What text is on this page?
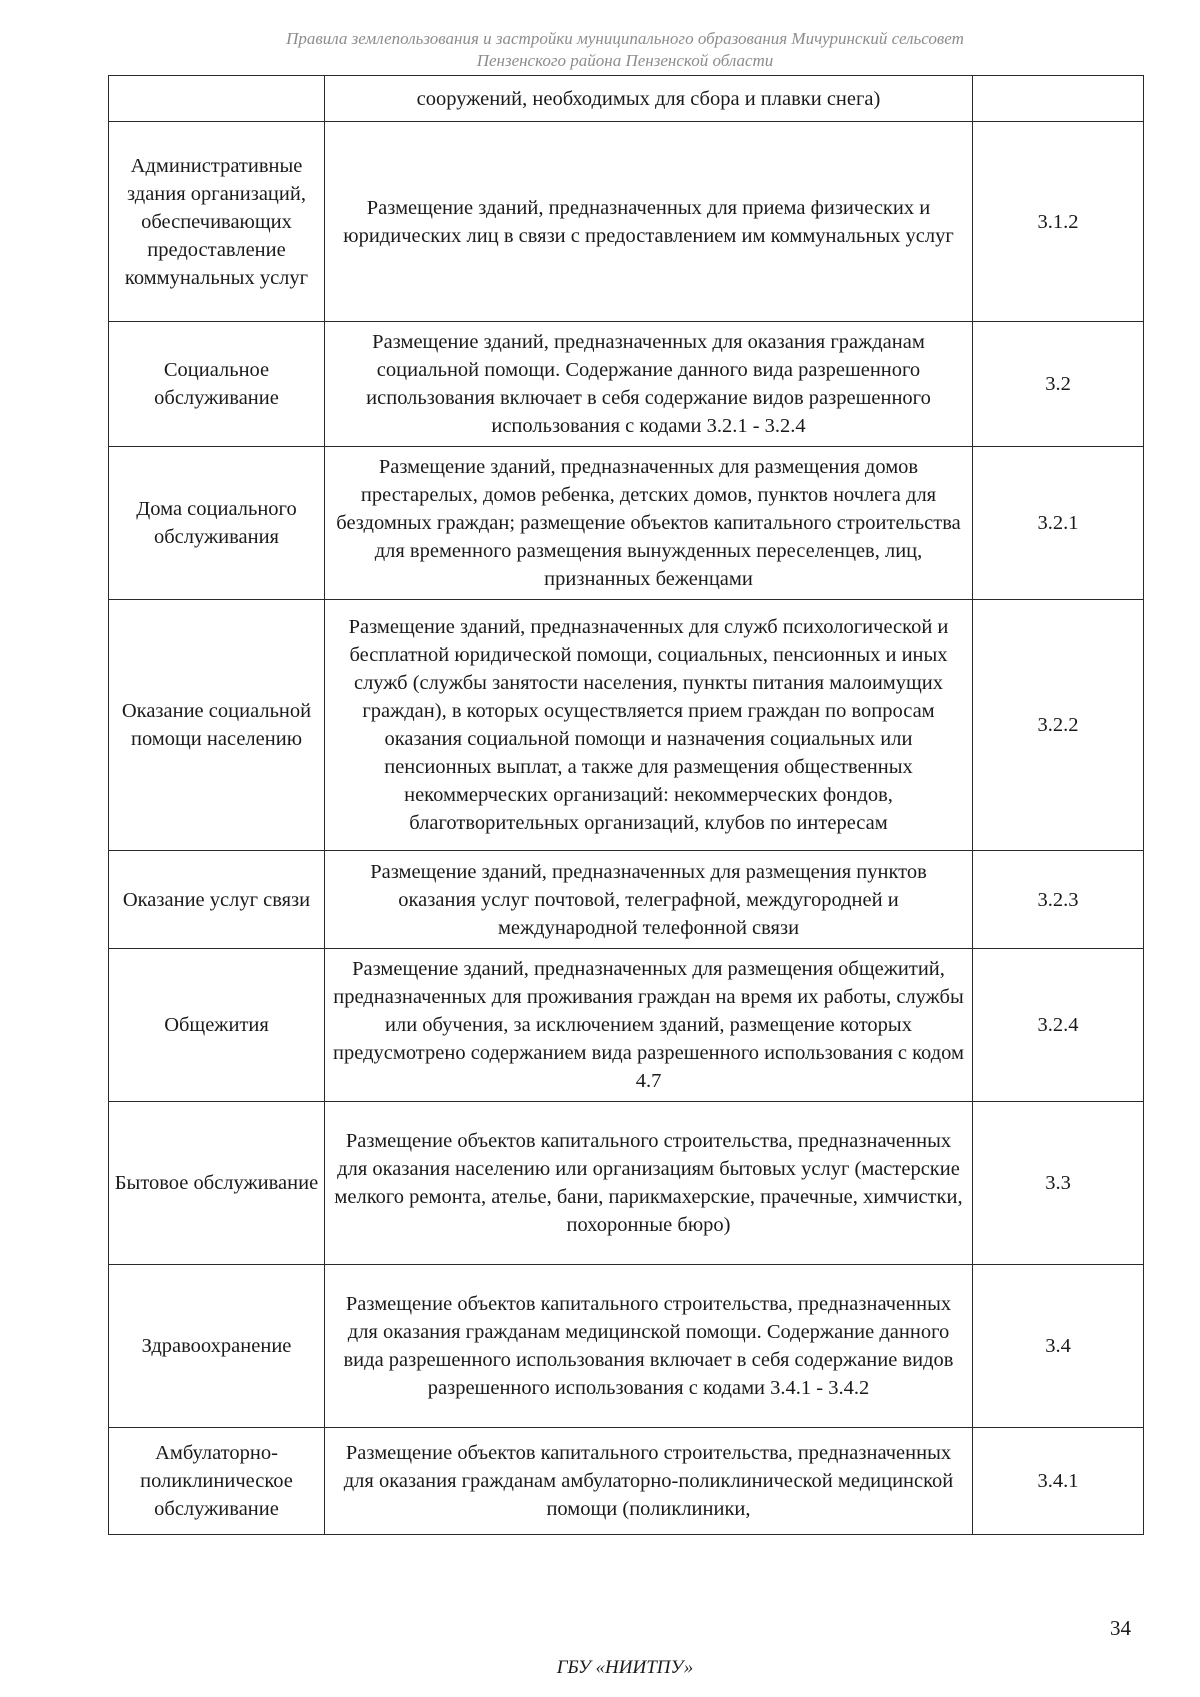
Правила землепользования и застройки муниципального образования Мичуринский сельсовет
Пензенского района Пензенской области
	сооружений, необходимых для сбора и плавки снега)	
Административные здания организаций, обеспечивающих предоставление коммунальных услуг	Размещение зданий, предназначенных для приема физических и юридических лиц в связи с предоставлением им коммунальных услуг	3.1.2
Социальное обслуживание	Размещение зданий, предназначенных для оказания гражданам социальной помощи. Содержание данного вида разрешенного использования включает в себя содержание видов разрешенного использования с кодами 3.2.1 - 3.2.4	3.2
Дома социального обслуживания	Размещение зданий, предназначенных для размещения домов престарелых, домов ребенка, детских домов, пунктов ночлега для бездомных граждан; размещение объектов капитального строительства для временного размещения вынужденных переселенцев, лиц, признанных беженцами	3.2.1
Оказание социальной помощи населению	Размещение зданий, предназначенных для служб психологической и бесплатной юридической помощи, социальных, пенсионных и иных служб (службы занятости населения, пункты питания малоимущих граждан), в которых осуществляется прием граждан по вопросам оказания социальной помощи и назначения социальных или пенсионных выплат, а также для размещения общественных некоммерческих организаций: некоммерческих фондов, благотворительных организаций, клубов по интересам	3.2.2
Оказание услуг связи	Размещение зданий, предназначенных для размещения пунктов оказания услуг почтовой, телеграфной, междугородней и международной телефонной связи	3.2.3
Общежития	Размещение зданий, предназначенных для размещения общежитий, предназначенных для проживания граждан на время их работы, службы или обучения, за исключением зданий, размещение которых предусмотрено содержанием вида разрешенного использования с кодом 4.7	3.2.4
Бытовое обслуживание	Размещение объектов капитального строительства, предназначенных для оказания населению или организациям бытовых услуг (мастерские мелкого ремонта, ателье, бани, парикмахерские, прачечные, химчистки, похоронные бюро)	3.3
Здравоохранение	Размещение объектов капитального строительства, предназначенных для оказания гражданам медицинской помощи. Содержание данного вида разрешенного использования включает в себя содержание видов разрешенного использования с кодами 3.4.1 - 3.4.2	3.4
Амбулаторно-поликлиническое обслуживание	Размещение объектов капитального строительства, предназначенных для оказания гражданам амбулаторно-поликлинической медицинской помощи (поликлиники,	3.4.1
34
ГБУ «НИИТПУ»
